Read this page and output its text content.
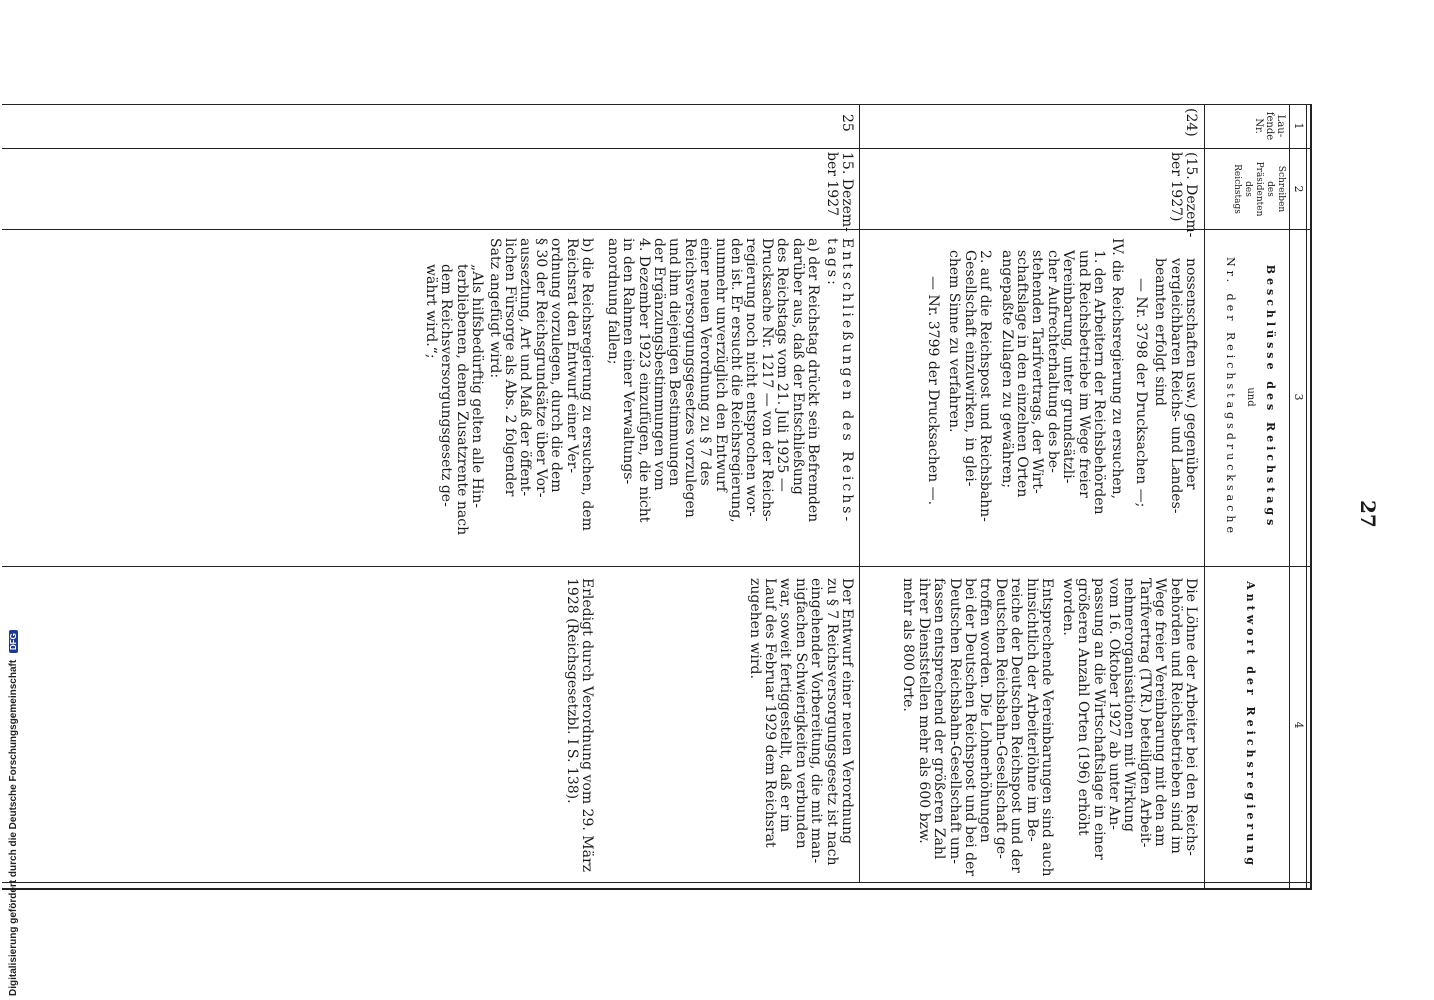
27
1
2
3
4
Lau-
fende
Nr.
Schreiben
des
Präsidenten
des
Reichstags
Beschlüsse des Reichstags
und
Nr. der Reichstagsdrucksache
Antwort der Reichsregierung
(24)
(15. Dezem-
ber 1927)
nossenschaften usw.) gegenüber
vergleichbaren Reichs- und Landes-
beamten erfolgt sind
— Nr. 3798 der Drucksachen —;
IV. die Reichsregierung zu ersuchen,
1. den Arbeitern der Reichsbehörden
und Reichsbetriebe im Wege freier
Vereinbarung, unter grundsätzli-
cher Aufrechterhaltung des be-
stehenden Tarifvertrags, der Wirt-
schaftslage in den einzelnen Orten
angepaßte Zulagen zu gewähren;
2. auf die Reichspost und Reichsbahn-
Gesellschaft einzuwirken, in glei-
chem Sinne zu verfahren.
— Nr. 3799 der Drucksachen —.
Die Löhne der Arbeiter bei den Reichs-
behörden und Reichsbetrieben sind im
Wege freier Vereinbarung mit den am
Tarifvertrag (TVR.) beteiligten Arbeit-
nehmerorganisationen mit Wirkung
vom 16. Oktober 1927 ab unter An-
passung an die Wirtschaftslage in einer
größeren Anzahl Orten (196) erhöht
worden.
Entsprechende Vereinbarungen sind auch
hinsichtlich der Arbeiterlöhne im Be-
reiche der Deutschen Reichspost und der
Deutschen Reichsbahn-Gesellschaft ge-
troffen worden. Die Lohnerhöhungen
bei der Deutschen Reichspost und bei der
Deutschen Reichsbahn-Gesellschaft um-
fassen entsprechend der größeren Zahl
ihrer Dienststellen mehr als 600 bzw.
mehr als 800 Orte.
25
15. Dezem-
ber 1927
Entschließungen des Reichs-
tags:
a) der Reichstag drückt sein Befremden
darüber aus, daß der Entschließung
des Reichstags vom 21. Juli 1925 —
Drucksache Nr. 1217 — von der Reichs-
regierung noch nicht entsprochen wor-
den ist. Er ersucht die Reichsregierung,
nunmehr unverzüglich den Entwurf
einer neuen Verordnung zu § 7 des
Reichsversorgungsgesetzes vorzulegen
und ihm diejenigen Bestimmungen
der Ergänzungsbestimmungen vom
4. Dezember 1923 einzufügen, die nicht
in den Rahmen einer Verwaltungs-
anordnung fallen;
b) die Reichsregierung zu ersuchen, dem
Reichsrat den Entwurf einer Ver-
ordnung vorzulegen, durch die dem
§ 30 der Reichsgrundsätze über Vor-
ausseztung, Art und Maß der öffent-
lichen Fürsorge als Abs. 2 folgender
Satz angefügt wird:
„Als hilfsbedürftig gelten alle Hin-
terbliebenen, denen Zusatzrente nach
dem Reichsversorgungsgesetz ge-
währt wird.“;
Der Entwurf einer neuen Verordnung
zu § 7 Reichsversorgungsgesetz ist nach
eingehender Vorbereitung, die mit man-
nigfachen Schwierigkeiten verbunden
war, soweit fertiggestellt, daß er im
Lauf des Februar 1929 dem Reichsrat
zugehen wird.
Erledigt durch Verordnung vom 29. März
1928 (Reichsgesetzbl. I S. 138).
Digitalisierung gefördert durch die Deutsche Forschungsgemeinschaft DFG
